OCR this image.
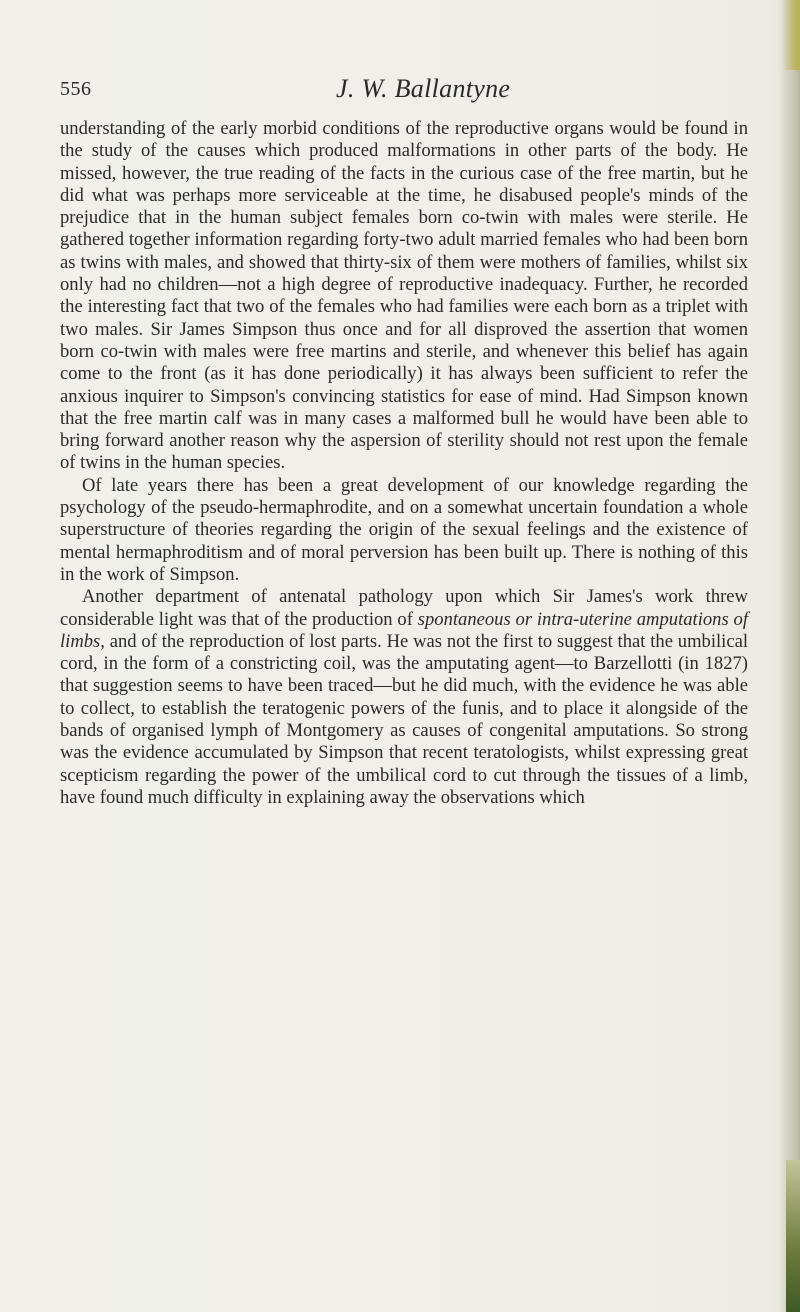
556	J. W. Ballantyne

understanding of the early morbid conditions of the reproductive organs would be found in the study of the causes which produced malformations in other parts of the body. He missed, however, the true reading of the facts in the curious case of the free martin, but he did what was perhaps more serviceable at the time, he disabused people's minds of the prejudice that in the human subject females born co-twin with males were sterile. He gathered together information regarding forty-two adult married females who had been born as twins with males, and showed that thirty-six of them were mothers of families, whilst six only had no children—not a high degree of reproductive inadequacy. Further, he recorded the interesting fact that two of the females who had families were each born as a triplet with two males. Sir James Simpson thus once and for all disproved the assertion that women born co-twin with males were free martins and sterile, and whenever this belief has again come to the front (as it has done periodically) it has always been sufficient to refer the anxious inquirer to Simpson's convincing statistics for ease of mind. Had Simpson known that the free martin calf was in many cases a malformed bull he would have been able to bring forward another reason why the aspersion of sterility should not rest upon the female of twins in the human species.

Of late years there has been a great development of our knowledge regarding the psychology of the pseudo-hermaphrodite, and on a somewhat uncertain foundation a whole superstructure of theories regarding the origin of the sexual feelings and the existence of mental hermaphroditism and of moral perversion has been built up. There is nothing of this in the work of Simpson.

Another department of antenatal pathology upon which Sir James's work threw considerable light was that of the production of spontaneous or intra-uterine amputations of limbs, and of the reproduction of lost parts. He was not the first to suggest that the umbilical cord, in the form of a constricting coil, was the amputating agent—to Barzellotti (in 1827) that suggestion seems to have been traced—but he did much, with the evidence he was able to collect, to establish the teratogenic powers of the funis, and to place it alongside of the bands of organised lymph of Montgomery as causes of congenital amputations. So strong was the evidence accumulated by Simpson that recent teratologists, whilst expressing great scepticism regarding the power of the umbilical cord to cut through the tissues of a limb, have found much difficulty in explaining away the observations which
